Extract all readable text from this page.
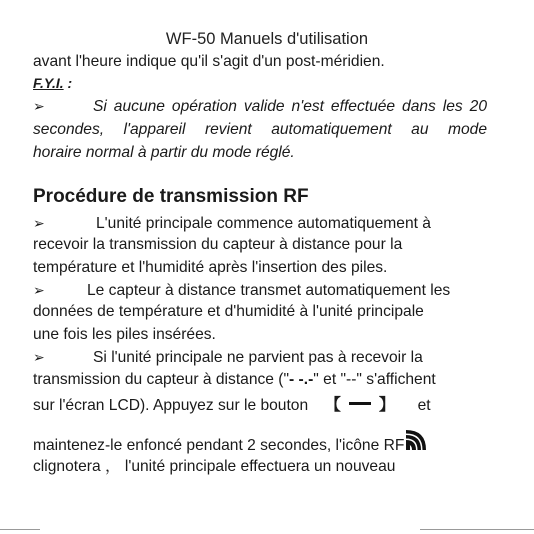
WF-50 Manuels d'utilisation
avant l'heure indique qu'il s'agit d'un post-méridien.
F.Y.I. :
➢	Si aucune opération valide n'est effectuée dans les 20
secondes, l'appareil revient automatiquement au mode
horaire normal à partir du mode réglé.
Procédure de transmission RF
➢	L'unité principale commence automatiquement à
recevoir la transmission du capteur à distance pour la
température et l'humidité après l'insertion des piles.
➢	Le capteur à distance transmet automatiquement les
données de température et d'humidité à l'unité principale
une fois les piles insérées.
➢	Si l'unité principale ne parvient pas à recevoir la
transmission du capteur à distance ("- -.-" et "--" s'affichent
sur l'écran LCD). Appuyez sur le bouton 【 】 et
maintenez-le enfoncé pendant 2 secondes, l'icône RF
clignotera ， l'unité principale effectuera un nouveau
